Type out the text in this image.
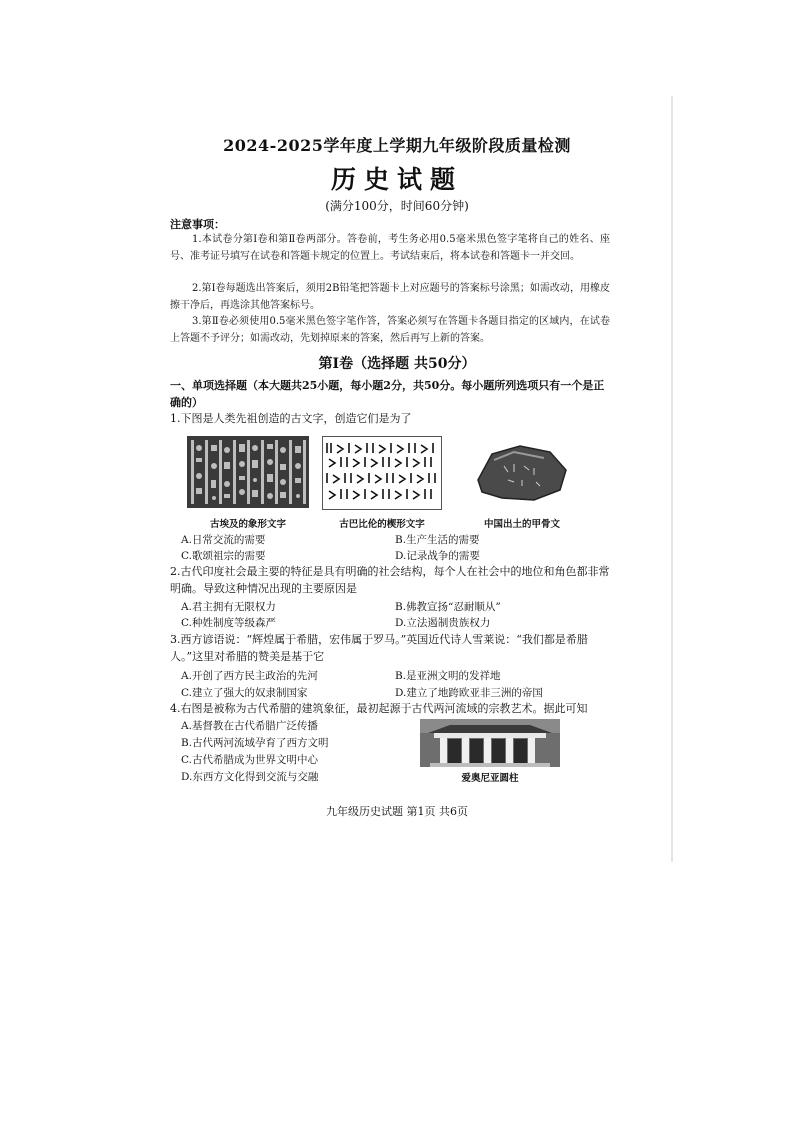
2024-2025学年度上学期九年级阶段质量检测
历史试题
(满分100分，时间60分钟)
注意事项：
1.本试卷分第Ⅰ卷和第Ⅱ卷两部分。答卷前，考生务必用0.5毫米黑色签字笔将自己的姓名、座号、准考证号填写在试卷和答题卡规定的位置上。考试结束后，将本试卷和答题卡一并交回。
2.第Ⅰ卷每题选出答案后，须用2B铅笔把答题卡上对应题号的答案标号涂黑；如需改动，用橡皮擦干净后，再选涂其他答案标号。
3.第Ⅱ卷必须使用0.5毫米黑色签字笔作答，答案必须写在答题卡各题目指定的区域内，在试卷上答题不予评分；如需改动，先划掉原来的答案，然后再写上新的答案。
第Ⅰ卷（选择题 共50分）
一、单项选择题（本大题共25小题，每小题2分，共50分。每小题所列选项只有一个是正确的）
1.下图是人类先祖创造的古文字，创造它们是为了
古埃及的象形文字	古巴比伦的楔形文字	中国出土的甲骨文
A.日常交流的需要	B.生产生活的需要
C.歌颂祖宗的需要	D.记录战争的需要
2.古代印度社会最主要的特征是具有明确的社会结构，每个人在社会中的地位和角色都非常明确。导致这种情况出现的主要原因是
A.君主拥有无限权力	B.佛教宣扬“忍耐顺从”
C.种姓制度等级森严	D.立法遏制贵族权力
3.西方谚语说：“辉煌属于希腊，宏伟属于罗马。”英国近代诗人雪莱说：“我们都是希腊人。”这里对希腊的赞美是基于它
A.开创了西方民主政治的先河	B.是亚洲文明的发祥地
C.建立了强大的奴隶制国家	D.建立了地跨欧亚非三洲的帝国
4.右图是被称为古代希腊的建筑象征，最初起源于古代两河流域的宗教艺术。据此可知
A.基督教在古代希腊广泛传播
B.古代两河流域孕育了西方文明
C.古代希腊成为世界文明中心
D.东西方文化得到交流与交融	爱奥尼亚圆柱
九年级历史试题 第1页 共6页
